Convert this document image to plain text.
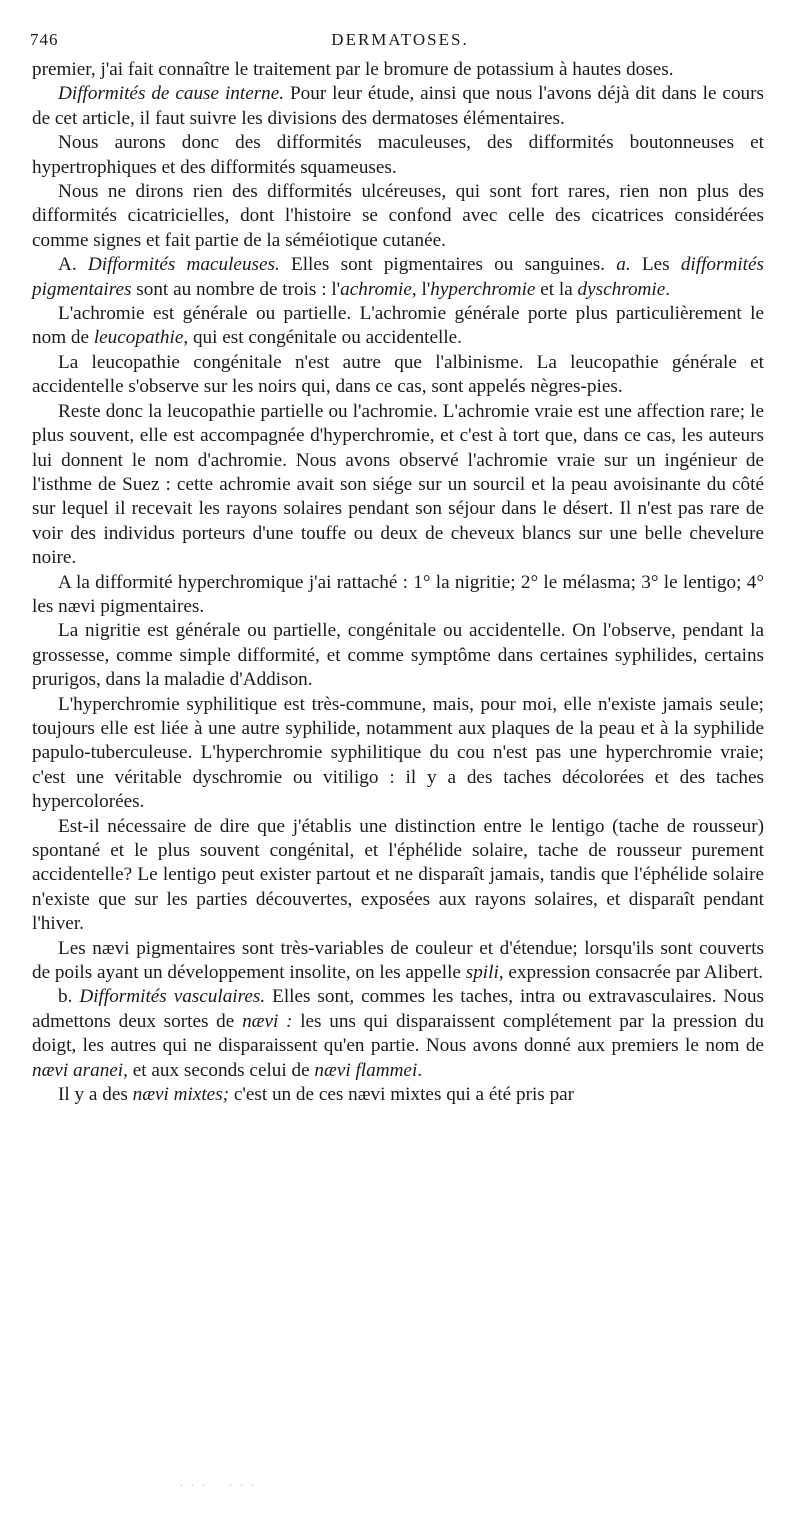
746	DERMATOSES.

premier, j'ai fait connaître le traitement par le bromure de potassium à hautes doses.

Difformités de cause interne. Pour leur étude, ainsi que nous l'avons déjà dit dans le cours de cet article, il faut suivre les divisions des dermatoses élémentaires.

Nous aurons donc des difformités maculeuses, des difformités boutonneuses et hypertrophiques et des difformités squameuses.

Nous ne dirons rien des difformités ulcéreuses, qui sont fort rares, rien non plus des difformités cicatricielles, dont l'histoire se confond avec celle des cicatrices considérées comme signes et fait partie de la séméiotique cutanée.

A. Difformités maculeuses. Elles sont pigmentaires ou sanguines. a. Les difformités pigmentaires sont au nombre de trois : l'achromie, l'hyperchromie et la dyschromie.

L'achromie est générale ou partielle. L'achromie générale porte plus particulièrement le nom de leucopathie, qui est congénitale ou accidentelle.

La leucopathie congénitale n'est autre que l'albinisme. La leucopathie générale et accidentelle s'observe sur les noirs qui, dans ce cas, sont appelés nègres-pies.

Reste donc la leucopathie partielle ou l'achromie. L'achromie vraie est une affection rare; le plus souvent, elle est accompagnée d'hyperchromie, et c'est à tort que, dans ce cas, les auteurs lui donnent le nom d'achromie. Nous avons observé l'achromie vraie sur un ingénieur de l'isthme de Suez : cette achromie avait son siége sur un sourcil et la peau avoisinante du côté sur lequel il recevait les rayons solaires pendant son séjour dans le désert. Il n'est pas rare de voir des individus porteurs d'une touffe ou deux de cheveux blancs sur une belle chevelure noire.

A la difformité hyperchromique j'ai rattaché : 1° la nigritie; 2° le mélasma; 3° le lentigo; 4° les nævi pigmentaires.

La nigritie est générale ou partielle, congénitale ou accidentelle. On l'observe, pendant la grossesse, comme simple difformité, et comme symptôme dans certaines syphilides, certains prurigos, dans la maladie d'Addison.

L'hyperchromie syphilitique est très-commune, mais, pour moi, elle n'existe jamais seule; toujours elle est liée à une autre syphilide, notamment aux plaques de la peau et à la syphilide papulo-tuberculeuse. L'hyperchromie syphilitique du cou n'est pas une hyperchromie vraie; c'est une véritable dyschromie ou vitiligo : il y a des taches décolorées et des taches hypercolorées.

Est-il nécessaire de dire que j'établis une distinction entre le lentigo (tache de rousseur) spontané et le plus souvent congénital, et l'éphélide solaire, tache de rousseur purement accidentelle? Le lentigo peut exister partout et ne disparaît jamais, tandis que l'éphélide solaire n'existe que sur les parties découvertes, exposées aux rayons solaires, et disparaît pendant l'hiver.

Les nævi pigmentaires sont très-variables de couleur et d'étendue; lorsqu'ils sont couverts de poils ayant un développement insolite, on les appelle spili, expression consacrée par Alibert.

b. Difformités vasculaires. Elles sont, commes les taches, intra ou extravasculaires. Nous admettons deux sortes de nævi : les uns qui disparaissent complétement par la pression du doigt, les autres qui ne disparaissent qu'en partie. Nous avons donné aux premiers le nom de nævi aranei, et aux seconds celui de nævi flammei.

Il y a des nævi mixtes; c'est un de ces nævi mixtes qui a été pris par

. . .    . . .
